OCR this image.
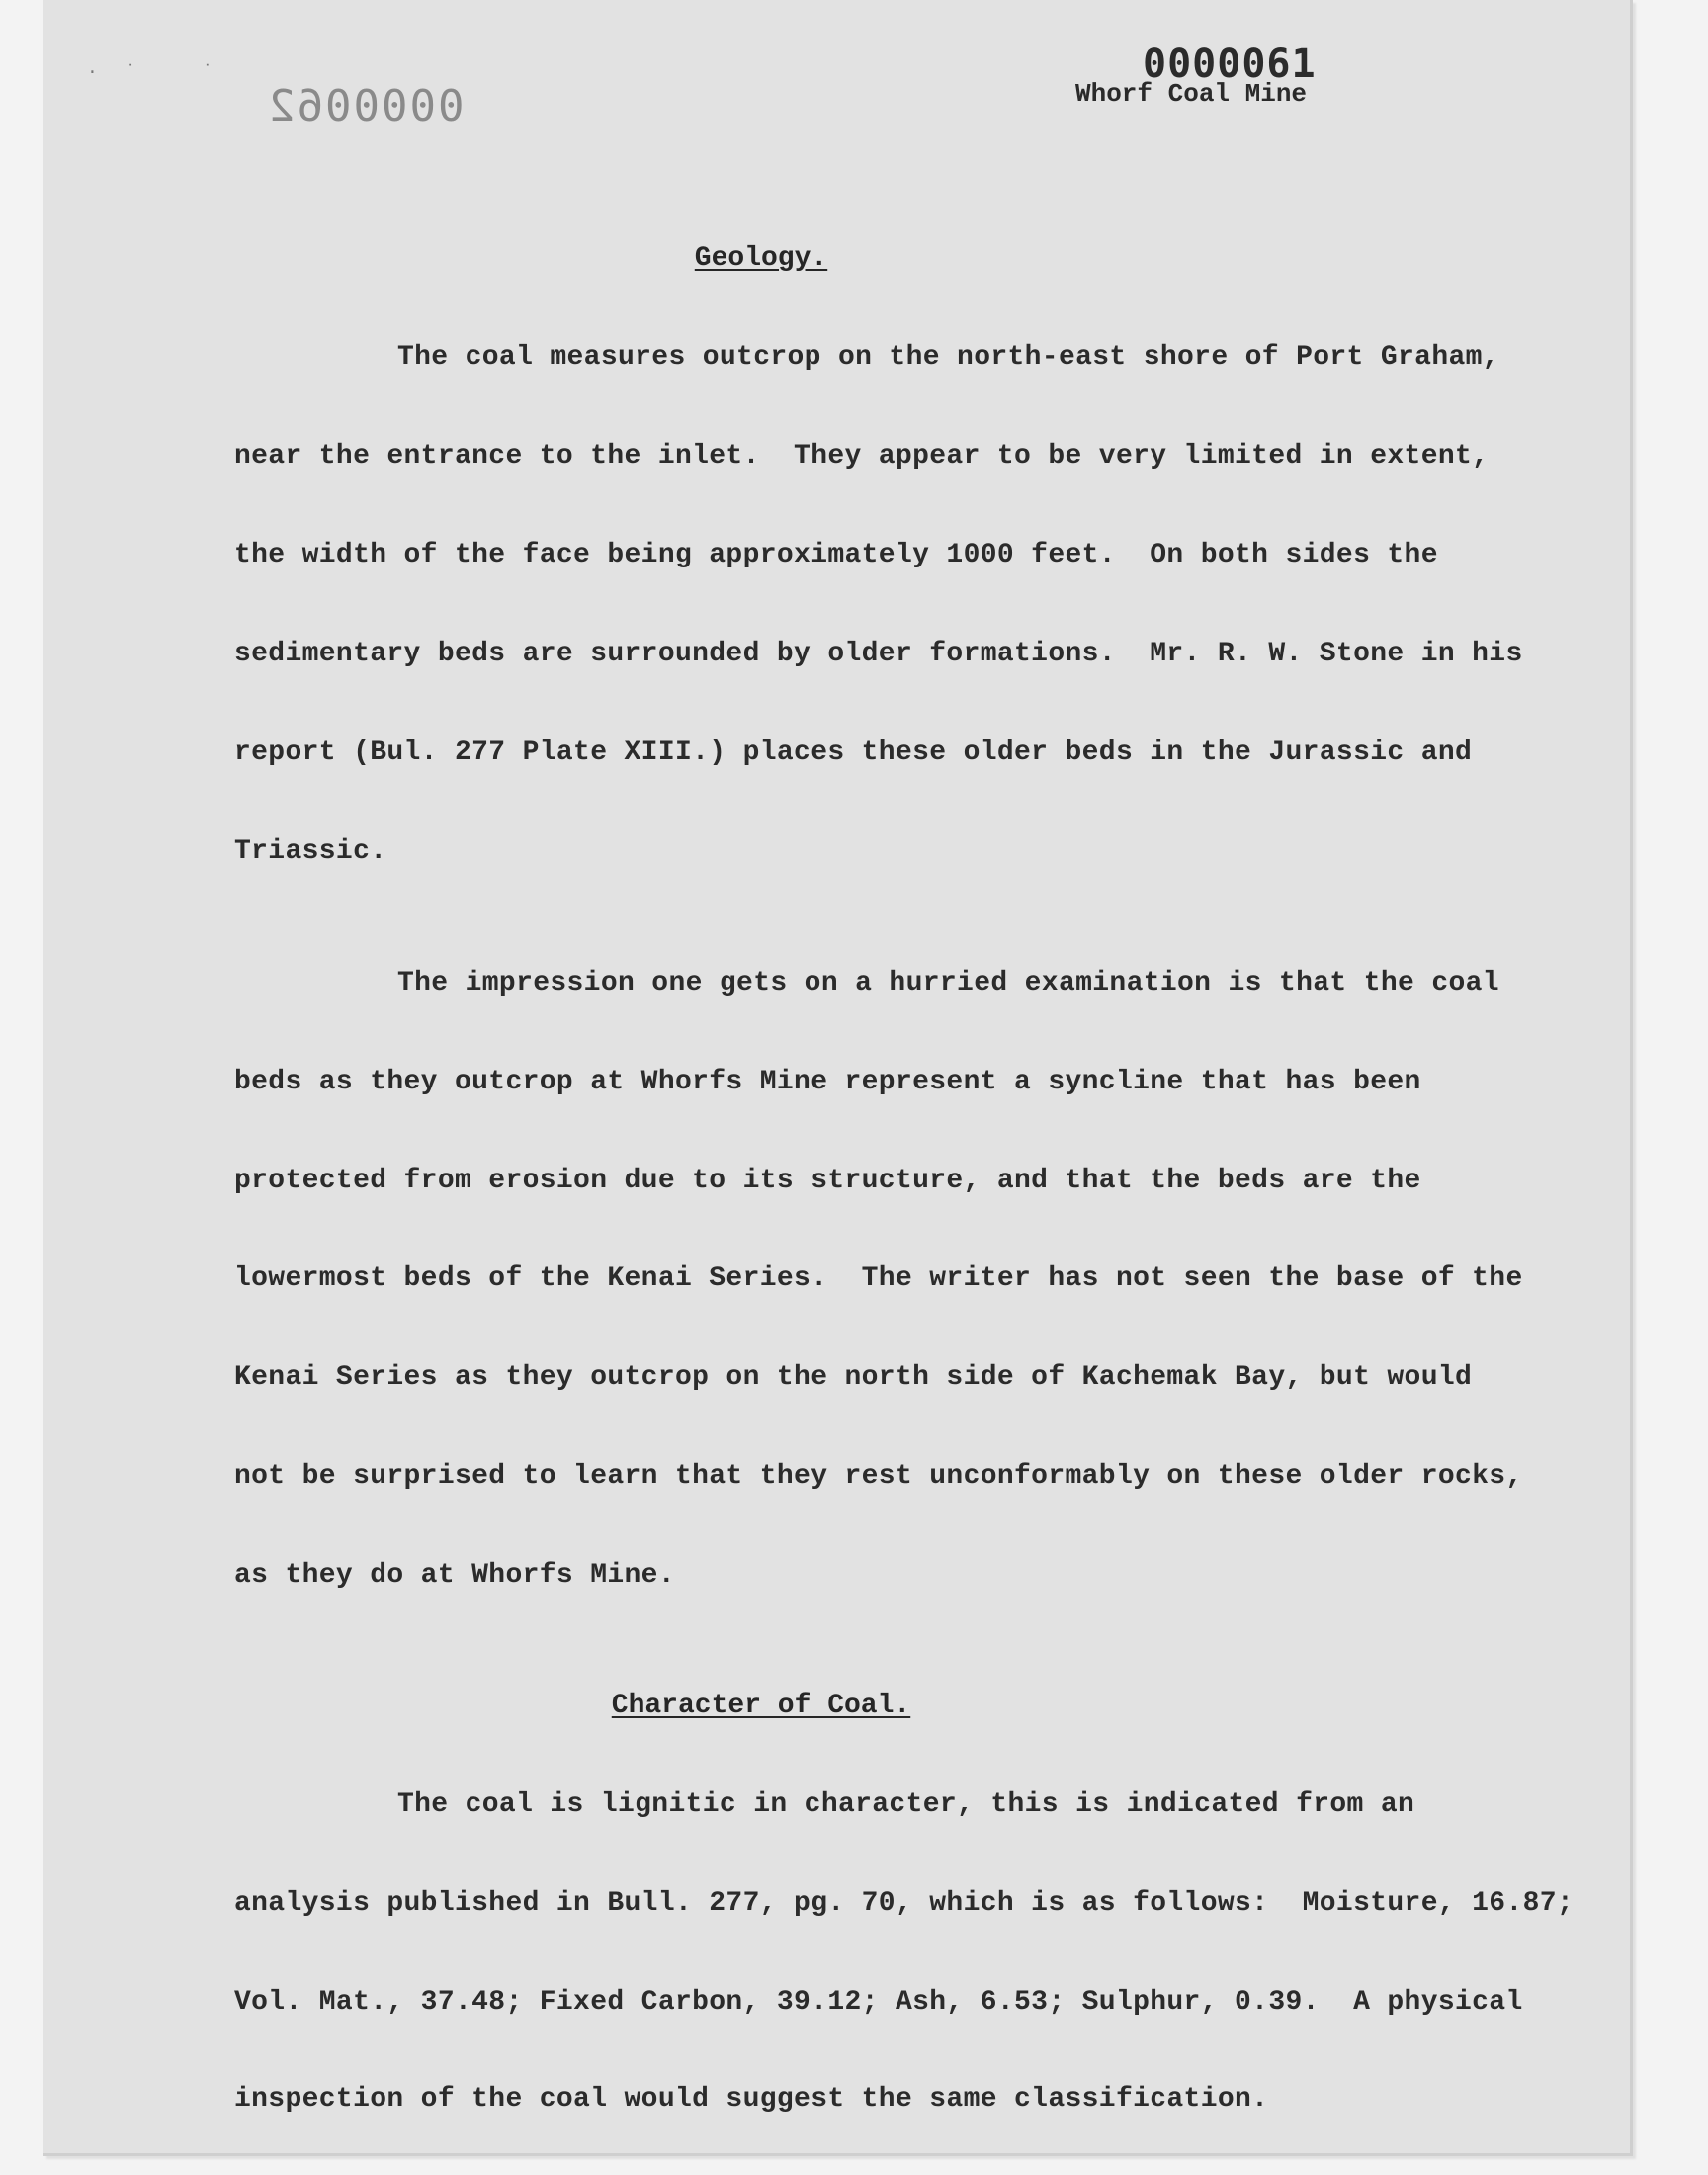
·˙ ˙
0000062
0000061
Whorf Coal Mine
Geology.
The coal measures outcrop on the north-east shore of Port Graham,
near the entrance to the inlet.  They appear to be very limited in extent,
the width of the face being approximately 1000 feet.  On both sides the
sedimentary beds are surrounded by older formations.  Mr. R. W. Stone in his
report (Bul. 277 Plate XIII.) places these older beds in the Jurassic and
Triassic.
The impression one gets on a hurried examination is that the coal
beds as they outcrop at Whorfs Mine represent a syncline that has been
protected from erosion due to its structure, and that the beds are the
lowermost beds of the Kenai Series.  The writer has not seen the base of the
Kenai Series as they outcrop on the north side of Kachemak Bay, but would
not be surprised to learn that they rest unconformably on these older rocks,
as they do at Whorfs Mine.
Character of Coal.
The coal is lignitic in character, this is indicated from an
analysis published in Bull. 277, pg. 70, which is as follows:  Moisture, 16.87;
Vol. Mat., 37.48; Fixed Carbon, 39.12; Ash, 6.53; Sulphur, 0.39.  A physical
inspection of the coal would suggest the same classification.
